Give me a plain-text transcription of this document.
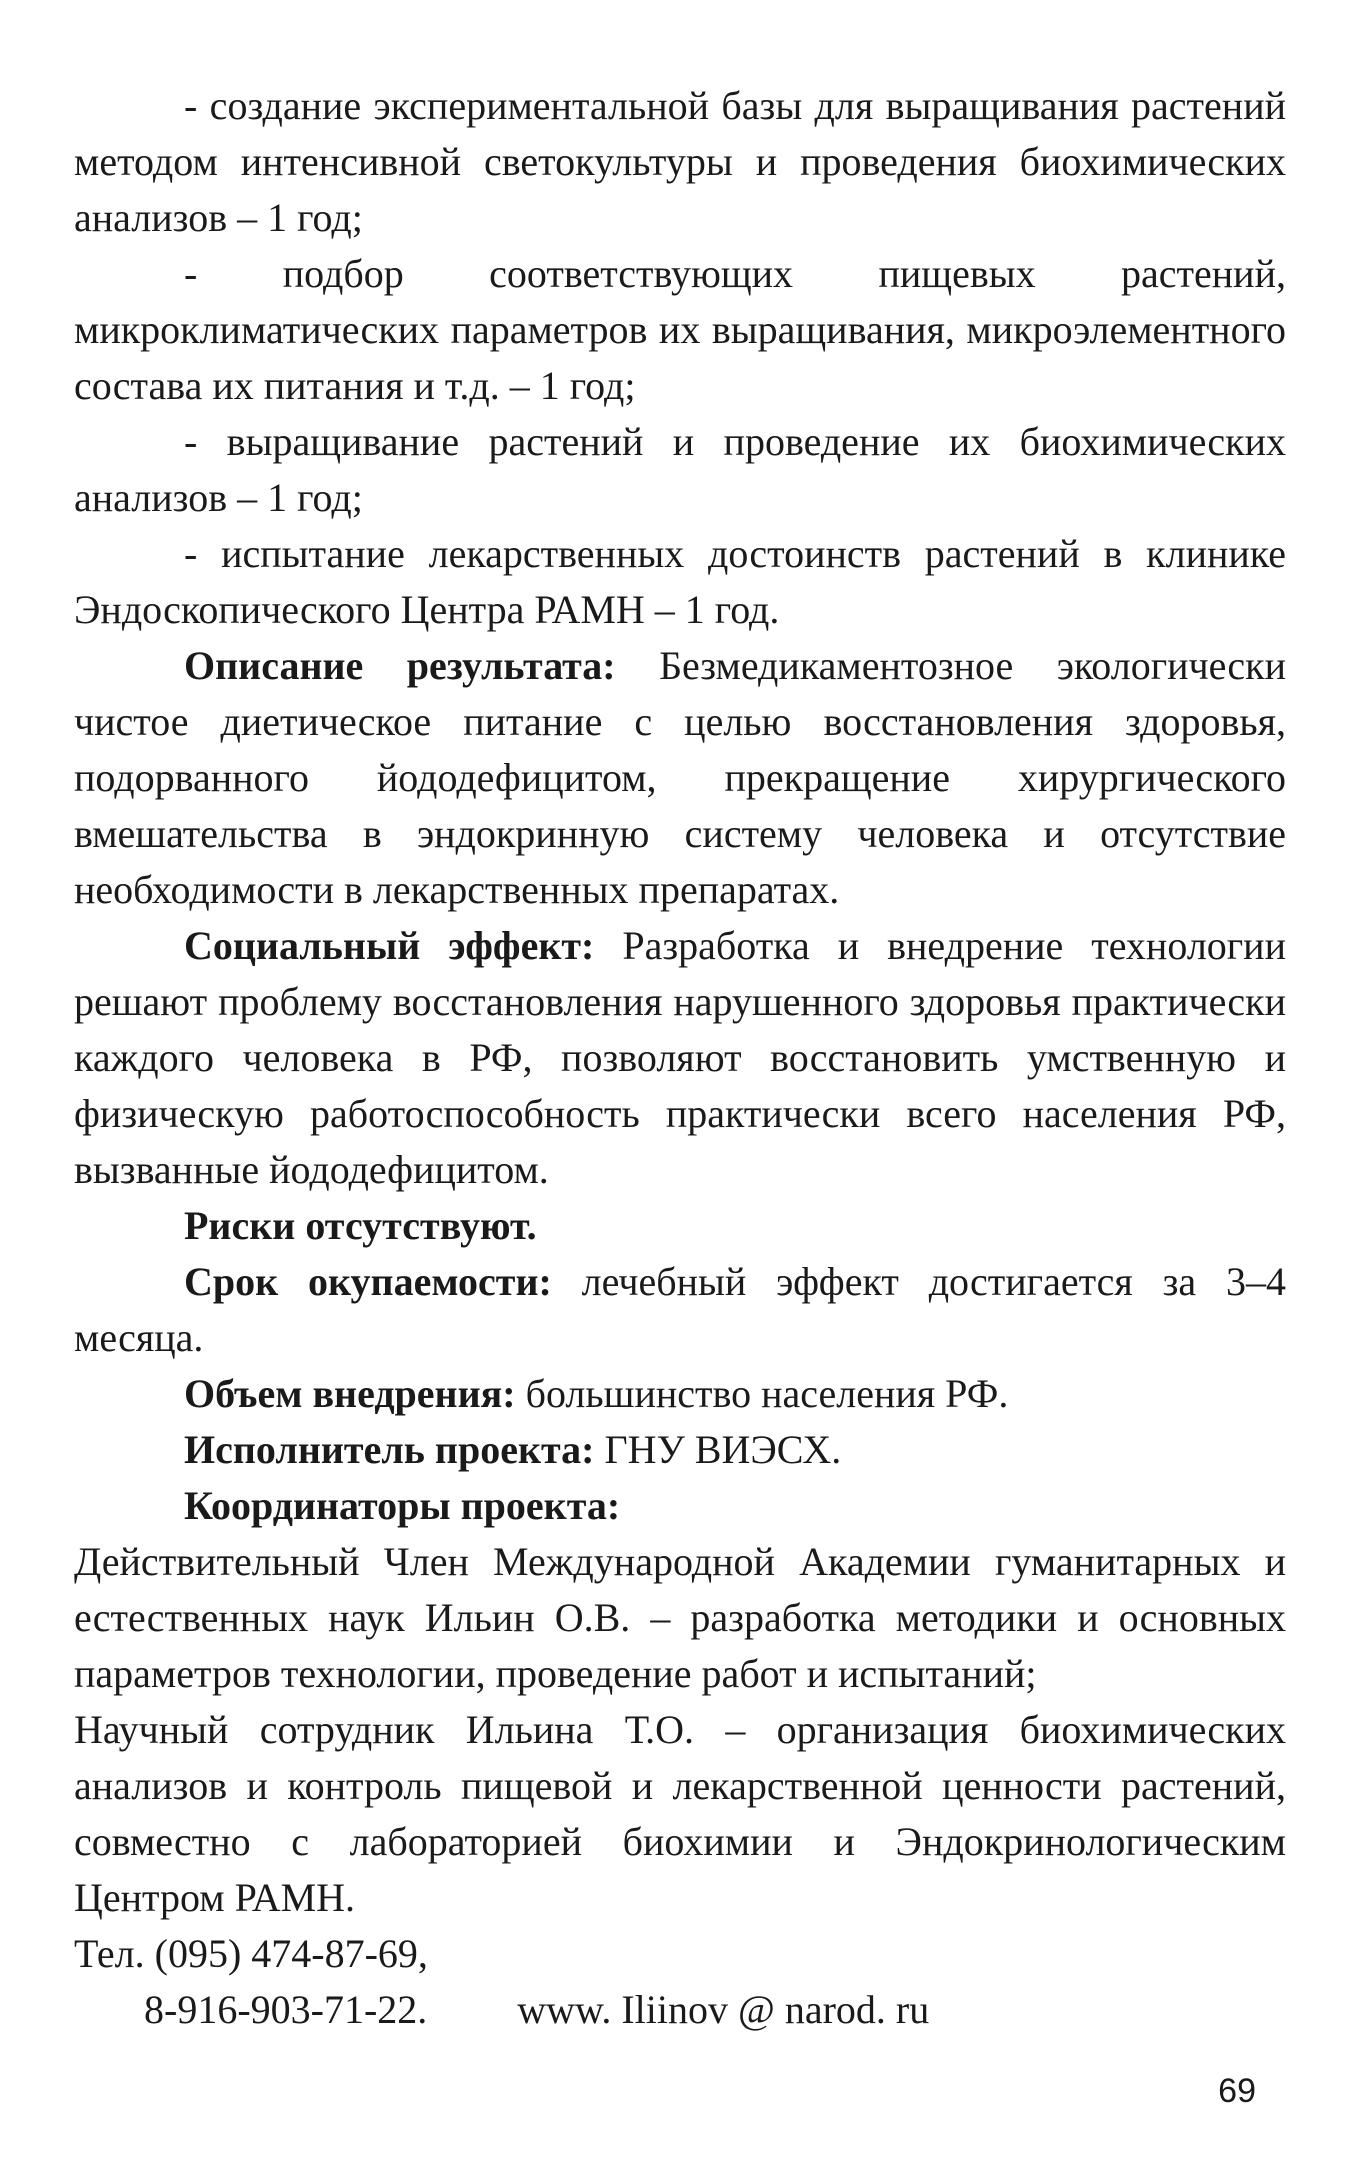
- создание экспериментальной базы для выращивания растений методом интенсивной светокультуры и проведения биохимических анализов – 1 год;

- подбор соответствующих пищевых растений, микроклиматических параметров их выращивания, микроэлементного состава их питания и т.д. – 1 год;

- выращивание растений и проведение их биохимических анализов – 1 год;

- испытание лекарственных достоинств растений в клинике Эндоскопического Центра РАМН – 1 год.

Описание результата: Безмедикаментозное экологически чистое диетическое питание с целью восстановления здоровья, подорванного йододефицитом, прекращение хирургического вмешательства в эндокринную систему человека и отсутствие необходимости в лекарственных препаратах.

Социальный эффект: Разработка и внедрение технологии решают проблему восстановления нарушенного здоровья практически каждого человека в РФ, позволяют восстановить умственную и физическую работоспособность практически всего населения РФ, вызванные йододефицитом.

Риски отсутствуют.

Срок окупаемости: лечебный эффект достигается за 3–4 месяца.

Объем внедрения: большинство населения РФ.

Исполнитель проекта: ГНУ ВИЭСХ.

Координаторы проекта:

Действительный Член Международной Академии гуманитарных и естественных наук Ильин О.В. – разработка методики и основных параметров технологии, проведение работ и испытаний;

Научный сотрудник Ильина Т.О. – организация биохимических анализов и контроль пищевой и лекарственной ценности растений, совместно с лабораторией биохимии и Эндокринологическим Центром РАМН.

Тел. (095) 474-87-69,
8-916-903-71-22. www. Iliinov @ narod. ru
69
